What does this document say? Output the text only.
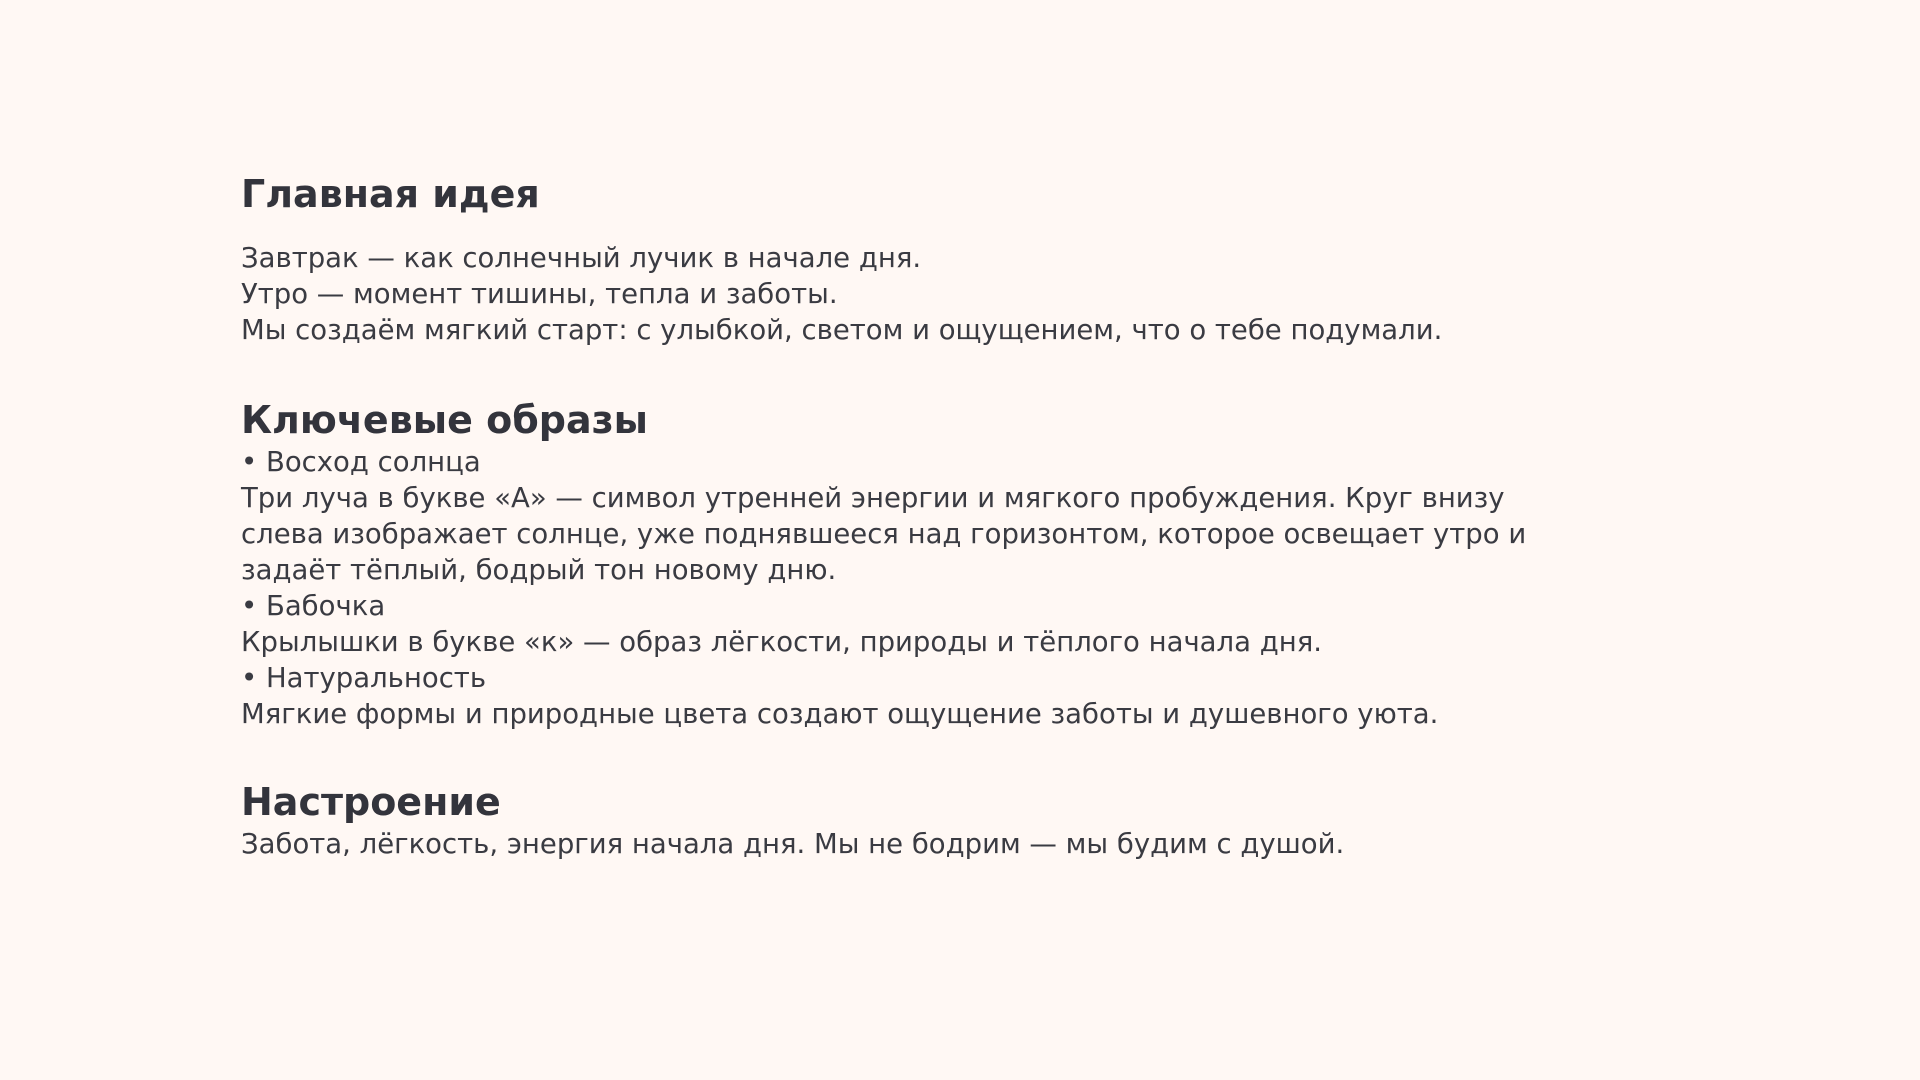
Главная идея

Завтрак — как солнечный лучик в начале дня.

Утро — момент тишины, тепла и заботы.

Мы создаём мягкий старт: с улыбкой, светом и ощущением, что о тебе подумали.

Ключевые образы

• Восход солнца

Три луча в букве «А» — символ утренней энергии и мягкого пробуждения. Круг внизу

слева изображает солнце, уже поднявшееся над горизонтом, которое освещает утро и

задаёт тёплый, бодрый тон новому дню.

• Бабочка

Крылышки в букве «к» — образ лёгкости, природы и тёплого начала дня.

• Натуральность

Мягкие формы и природные цвета создают ощущение заботы и душевного уюта.

Настроение

Забота, лёгкость, энергия начала дня. Мы не бодрим — мы будим с душой.
